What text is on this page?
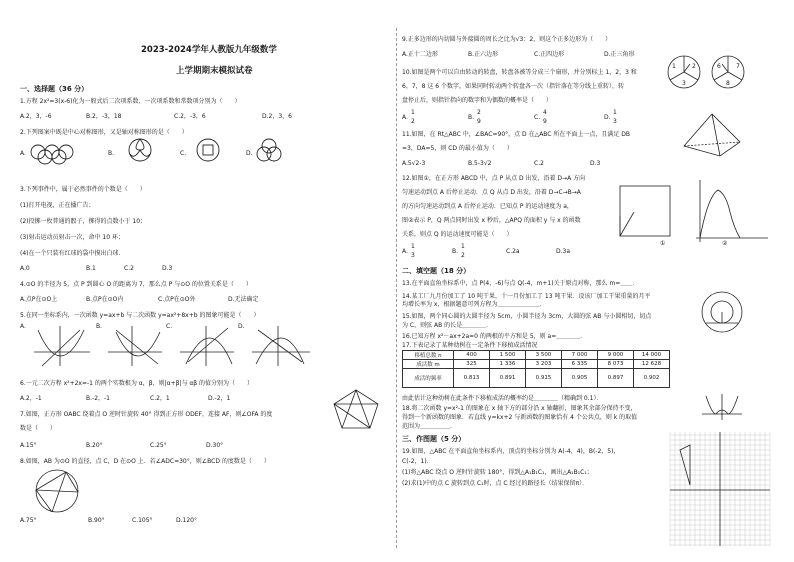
2023-2024学年人教版九年级数学
上学期期末模拟试卷
一、选择题（36 分）
1.方程 2x²=3(x-6)化为一般式后二次项系数、一次项系数和常数项分别为（　　）
A.2，3，-6	B.2，-3，18	C.2，-3，6	D.2，3，6
2.下列图案中既是中心对称图形，又是轴对称图形的是（　　）
A.	B.	C.	D.
3.下列事件中，属于必然事件的个数是（　　）
(1)打开电视，正在播广告；
(2)投掷一枚普通的骰子，掷得的点数小于 10；
(3)射击运动员射击一次，命中 10 环；
(4)在一个只装有红球的袋中摸出白球．
A.0	B.1	C.2	D.3
4.⊙O 的半径为 5，点 P 到圆心 O 的距离为 7，那么点 P 与⊙O 的位置关系是（　　）
A.点P在⊙O上	B.点P在⊙O内	C.点P在⊙O外	D.无法确定
5.在同一坐标系内，一次函数 y=ax+b 与二次函数 y=ax²+8x+b 的图象可能是（　　）
A.	B.	C.	D.
6.一元二次方程 x²+2x=-1 的两个实数根为 α，β，则|α+β|与 αβ 的值分别为（　　）
A.2，-1	B.-2，-1	C.2，1	D.-2，1
7.如图，正方形 OABC 绕着点 O 逆时针旋转 40° 得到正方形 ODEF，连接 AF，则∠OFA 的度
数是（　　）
A.15°	B.20°	C.25°	D.30°
8.如图，AB 为⊙O 的直径，点 C，D 在⊙O 上．若∠ADC=30°，则∠BCD 的度数是（　　）
A.75°	B.90°	C.105°	D.120°
9.正多边形的内切圆与外接圆的周长之比为√3：2，则这个正多边形为（　　）
A.正十二边形	B.正六边形	C.正四边形	D.正三角形
1	2
3
6	7
8
10.如图是两个可以自由转动的转盘，转盘各被等分成三个扇形，并分别标上 1，2，3 和
6，7，8 这 6 个数字，如果同时转动两个转盘各一次（指针落在等分线上重转），转
盘停止后，则指针指向的数字和为偶数的概率是（　　）
A.
1
2
B.
2
9
C.
4
9
D.
1
3
11.如图，在 Rt△ABC 中，∠BAC=90°，点 D 在△ABC 所在平面上一点，且满足 DB
=3，DA=5，则 CD 的最小值为（　　）
A.5√2-3	B.5-3√2	C.2	D.3
12.如图①，在正方形 ABCD 中，点 P 从点 D 出发，沿着 D→A 方向
匀速运动到点 A 后停止运动．点 Q 从点 D 出发，沿着 D→C→B→A
的方向匀速运动到点 A 后停止运动．已知点 P 的运动速度为 a，
图②表示 P，Q 两点同时出发 x 秒后，△APQ 的面积 y 与 x 的函数
关系，则点 Q 的运动速度可能是（　　）
①	②
A.
1
3
B.
1
2
C.2a	D.3a
二、填空题（18 分）
13.在平面直角坐标系中，点 P(4，-6)与点 Q(-4，m+1)关于原点对称，那么 m=＿＿．
14.某工厂九月份加工了 10 吨干果，十一月份加工了 13 吨干果．设该厂加工干果重量的月平
均增长率为 x，根据题意可列方程为＿＿＿＿＿＿＿．
15.如图，两个同心圆的大圆半径为 5cm，小圆半径为 3cm，大圆的弦 AB 与小圆相切，切点
为 C，则弦 AB 的长是＿＿＿＿．
16.已知方程 x²－ax+2a=0 的两根的平方和是 5，则 a=＿＿＿＿．
17.下表记录了某种幼树在一定条件下移植成活情况
移植总数 n	400	1 500	3 500	7 000	9 000	14 000
成活数 m	325	1 336	3 203	6 335	8 073	12 628
成活的频率	0.813	0.891	0.915	0.905	0.897	0.902
由此估计这种幼树在此条件下移植成活的概率约是＿＿＿＿（精确到 0.1）．
18.将二次函数 y=x²-1 的图象在 x 轴下方的部分沿 x 轴翻折，图象其余部分保持不变，
得到一个新函数的图象．若直线 y=kx+2 与新函数的图象恰有 4 个公共点，则 k 的取值
范围为＿＿＿＿＿．
三、作图题（5 分）
19.如图，△ABC 在平面直角坐标系内，顶点的坐标分别为 A(-4，4)，B(-2，5)，
C(-2，1)．
(1)将△ABC 绕点 O 逆时针旋转 180°，得到△A₁B₁C₁，画出△A₁B₁C₁；
(2)求(1)中的点 C 旋转到点 C₁时，点 C 经过的路径长（结果保留π）．
